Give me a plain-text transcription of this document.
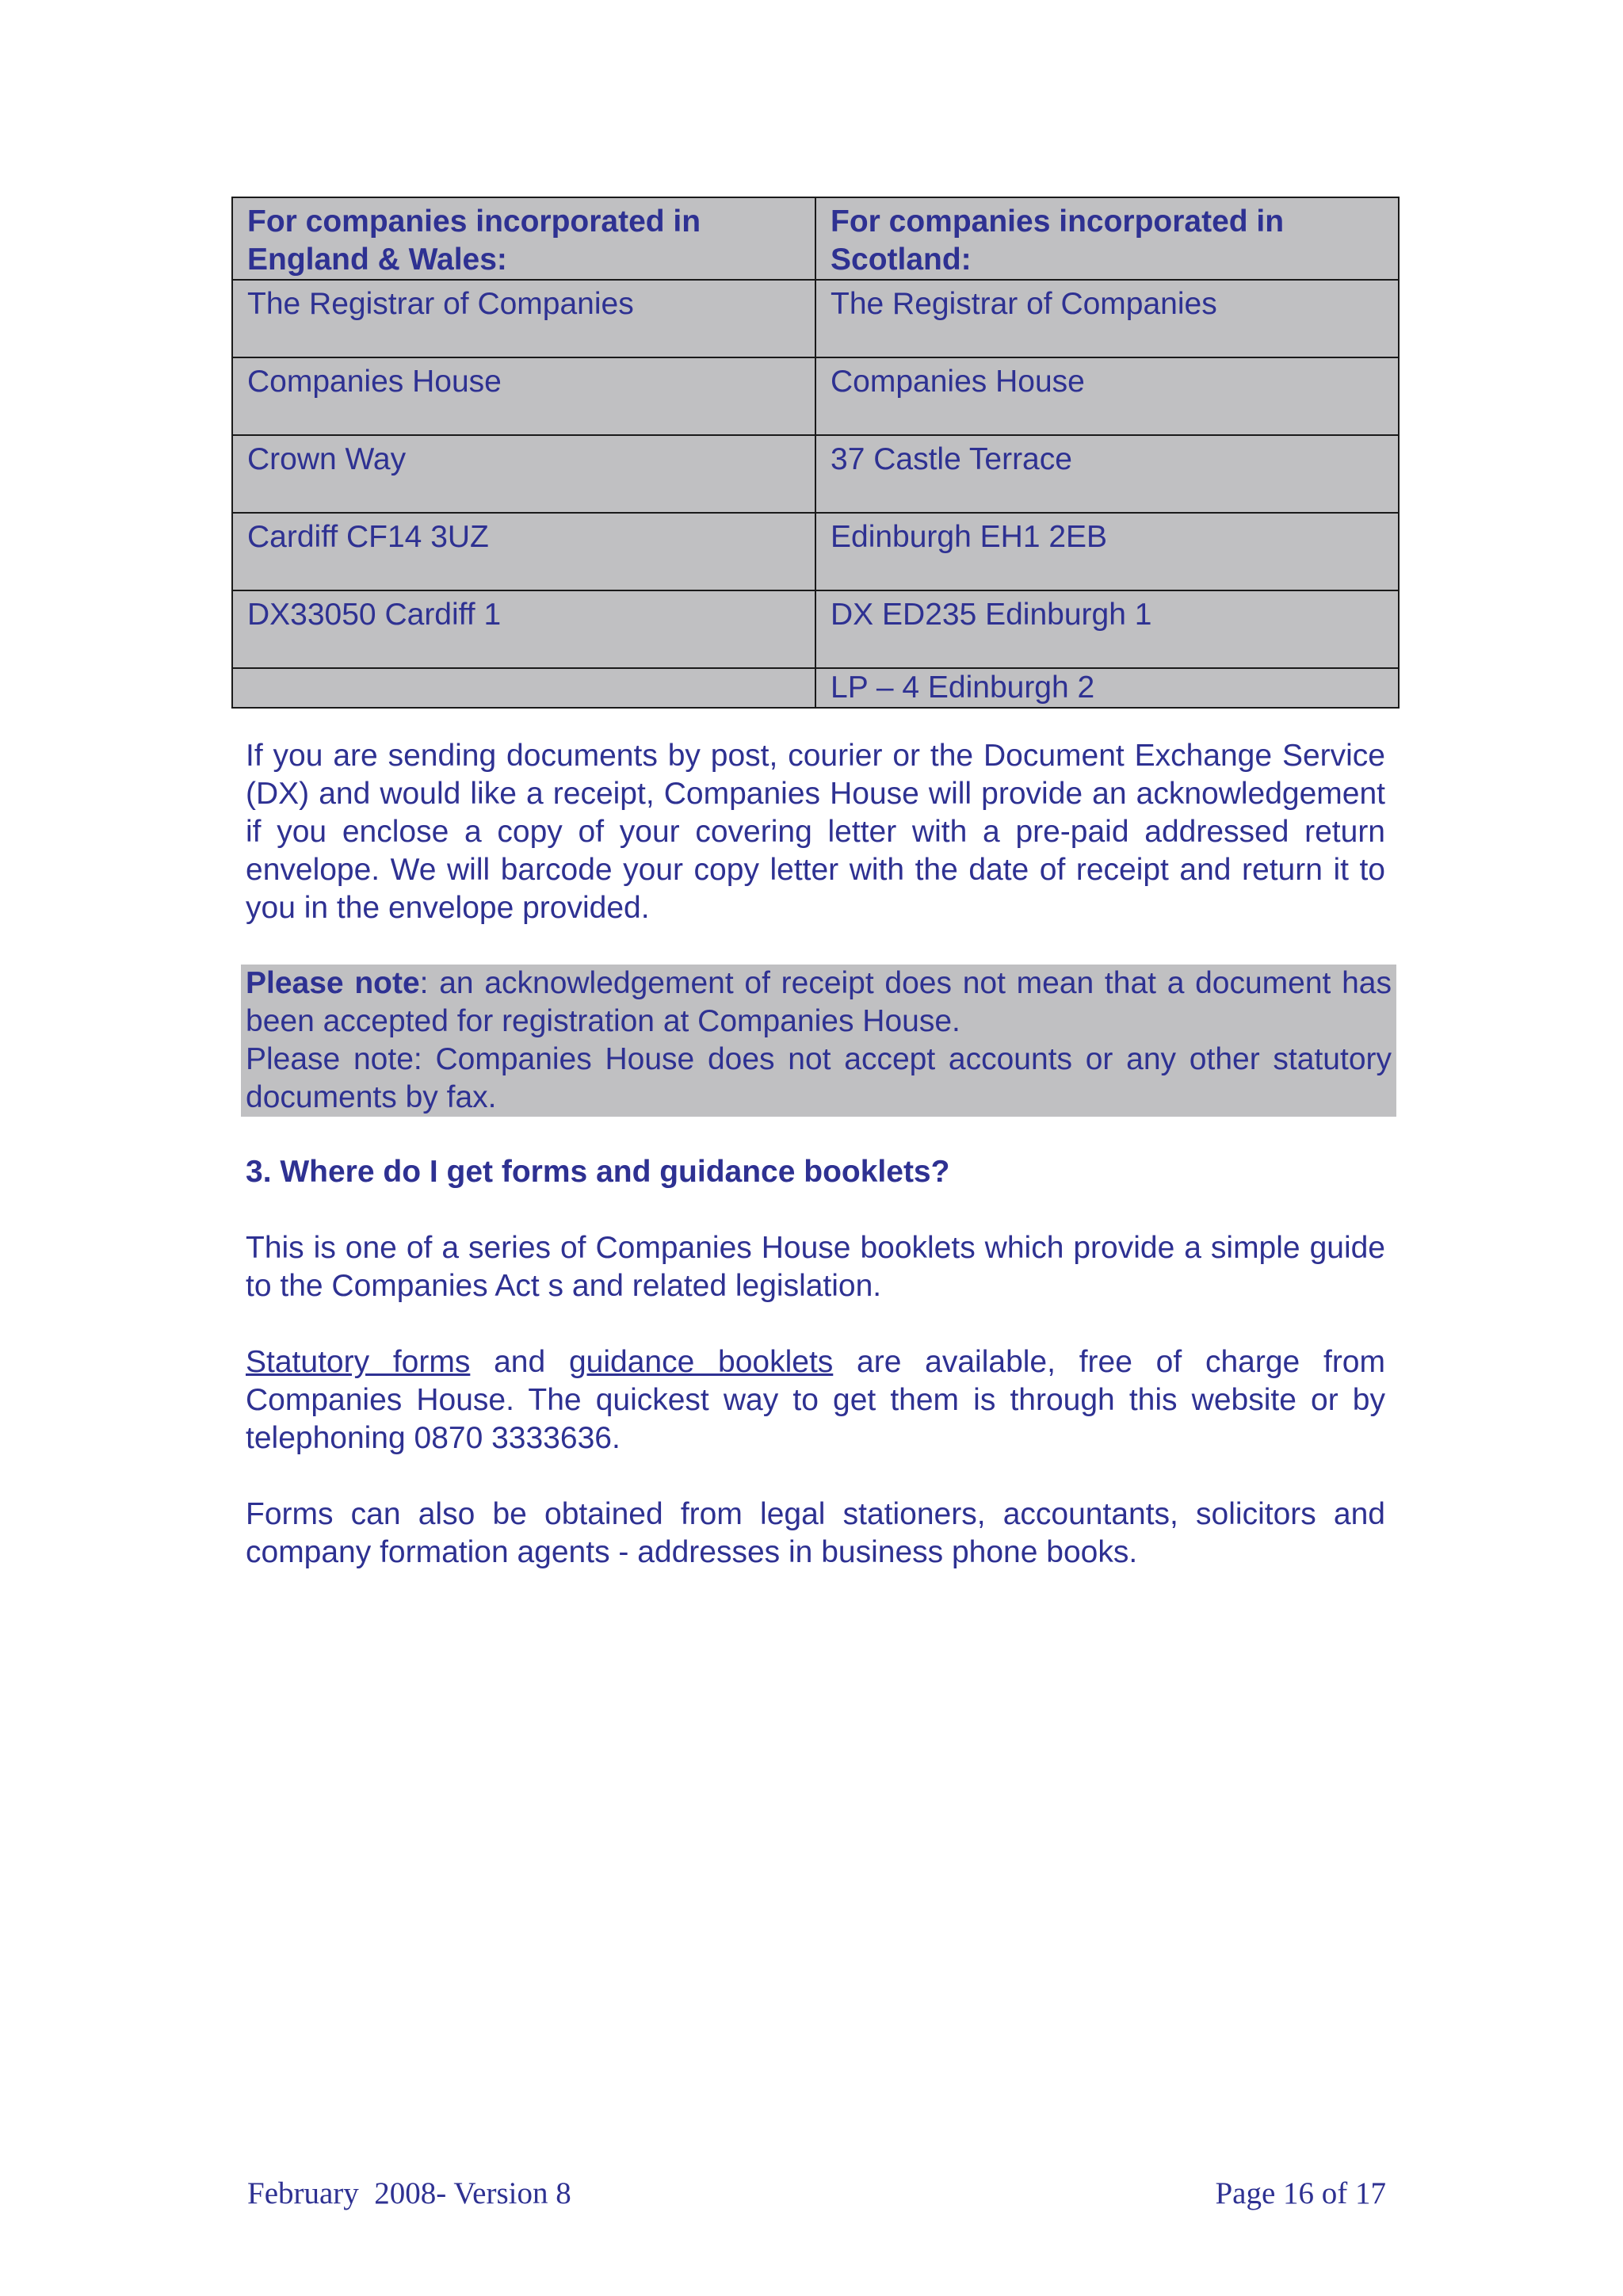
For companies incorporated in England & Wales:	For companies incorporated in Scotland:
The Registrar of Companies	The Registrar of Companies
Companies House	Companies House
Crown Way	37 Castle Terrace
Cardiff CF14 3UZ	Edinburgh EH1 2EB
DX33050 Cardiff 1	DX ED235 Edinburgh 1
	LP – 4 Edinburgh 2

If you are sending documents by post, courier or the Document Exchange Service (DX) and would like a receipt, Companies House will provide an acknowledgement if you enclose a copy of your covering letter with a pre-paid addressed return envelope. We will barcode your copy letter with the date of receipt and return it to you in the envelope provided.

Please note: an acknowledgement of receipt does not mean that a document has been accepted for registration at Companies House.
Please note: Companies House does not accept accounts or any other statutory documents by fax.
3. Where do I get forms and guidance booklets?

This is one of a series of Companies House booklets which provide a simple guide to the Companies Act s and related legislation.

Statutory forms and guidance booklets are available, free of charge from Companies House. The quickest way to get them is through this website or by telephoning 0870 3333636.

Forms can also be obtained from legal stationers, accountants, solicitors and company formation agents - addresses in business phone books.

February  2008- Version 8	Page 16 of 17
